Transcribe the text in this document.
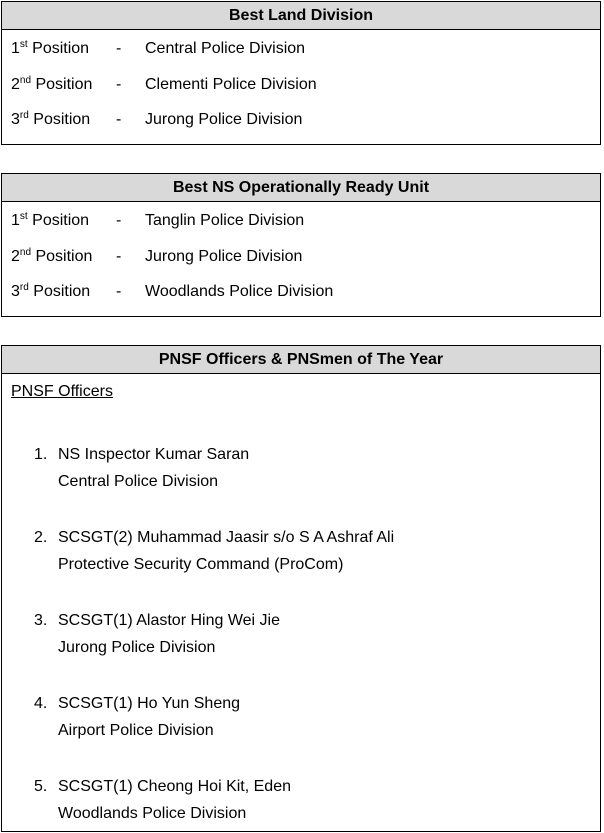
Best Land Division
1st Position - Central Police Division
2nd Position - Clementi Police Division
3rd Position - Jurong Police Division
Best NS Operationally Ready Unit
1st Position - Tanglin Police Division
2nd Position - Jurong Police Division
3rd Position - Woodlands Police Division
PNSF Officers & PNSmen of The Year
PNSF Officers
1. NS Inspector Kumar Saran
Central Police Division
2. SCSGT(2) Muhammad Jaasir s/o S A Ashraf Ali
Protective Security Command (ProCom)
3. SCSGT(1) Alastor Hing Wei Jie
Jurong Police Division
4. SCSGT(1) Ho Yun Sheng
Airport Police Division
5. SCSGT(1) Cheong Hoi Kit, Eden
Woodlands Police Division
